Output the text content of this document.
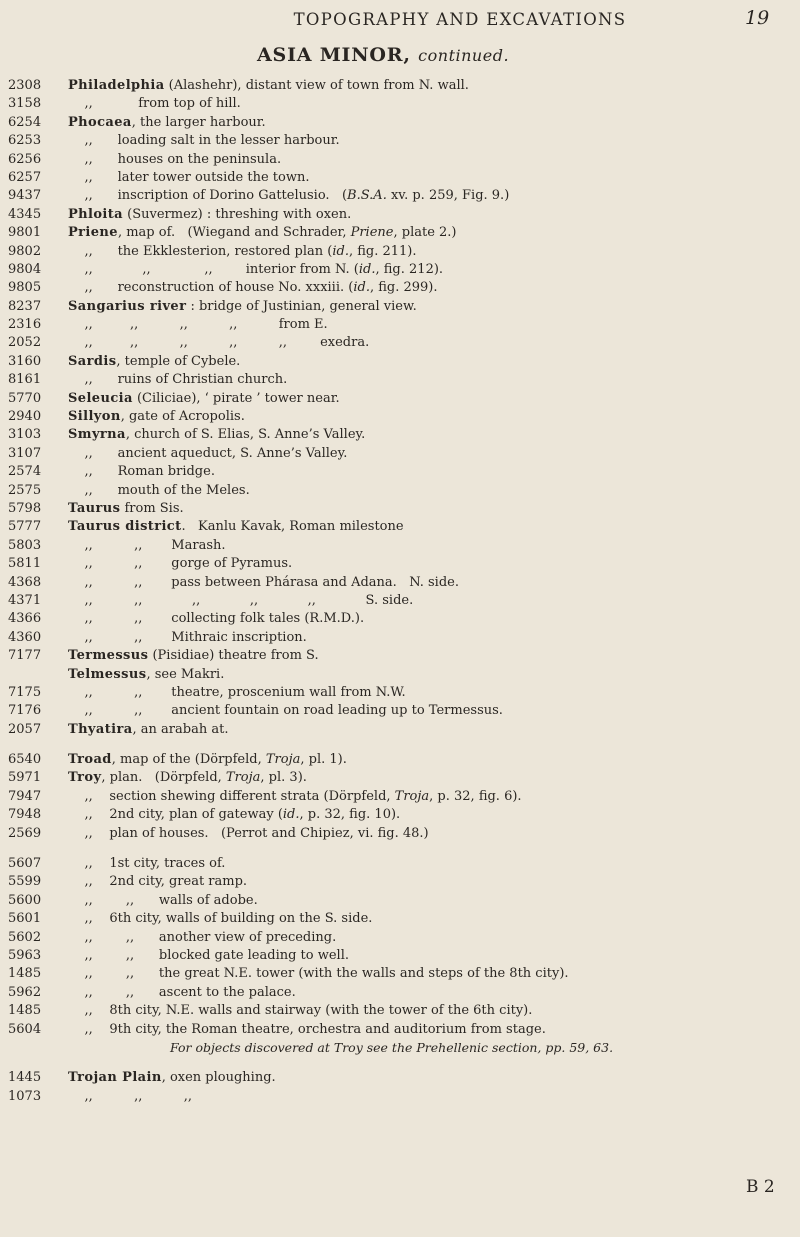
TOPOGRAPHY AND EXCAVATIONS	19
ASIA MINOR, continued.
2308	Philadelphia (Alashehr), distant view of town from N. wall.
3158	,,           from top of hill.
6254	Phocaea, the larger harbour.
6253	,,      loading salt in the lesser harbour.
6256	,,      houses on the peninsula.
6257	,,      later tower outside the town.
9437	,,      inscription of Dorino Gattelusio.   (B.S.A. xv. p. 259, Fig. 9.)
4345	Phloita (Suvermez) : threshing with oxen.
9801	Priene, map of.   (Wiegand and Schrader, Priene, plate 2.)
9802	,,      the Ekklesterion, restored plan (id., fig. 211).
9804	,,            ,,             ,,        interior from N. (id., fig. 212).
9805	,,      reconstruction of house No. xxxiii. (id., fig. 299).
8237	Sangarius river : bridge of Justinian, general view.
2316	,,         ,,          ,,          ,,          from E.
2052	,,         ,,          ,,          ,,          ,,        exedra.
3160	Sardis, temple of Cybele.
8161	,,      ruins of Christian church.
5770	Seleucia (Ciliciae), ‘ pirate ’ tower near.
2940	Sillyon, gate of Acropolis.
3103	Smyrna, church of S. Elias, S. Anne’s Valley.
3107	,,      ancient aqueduct, S. Anne’s Valley.
2574	,,      Roman bridge.
2575	,,      mouth of the Meles.
5798	Taurus from Sis.
5777	Taurus district.   Kanlu Kavak, Roman milestone
5803	,,          ,,       Marash.
5811	,,          ,,       gorge of Pyramus.
4368	,,          ,,       pass between Phárasa and Adana.   N. side.
4371	,,          ,,            ,,            ,,            ,,            S. side.
4366	,,          ,,       collecting folk tales (R.M.D.).
4360	,,          ,,       Mithraic inscription.
7177	Termessus (Pisidiae) theatre from S.
Telmessus, see Makri.
7175	,,          ,,       theatre, proscenium wall from N.W.
7176	,,          ,,       ancient fountain on road leading up to Termessus.
2057	Thyatira, an arabah at.
6540	Troad, map of the (Dörpfeld, Troja, pl. 1).
5971	Troy, plan.   (Dörpfeld, Troja, pl. 3).
7947	,,    section shewing different strata (Dörpfeld, Troja, p. 32, fig. 6).
7948	,,    2nd city, plan of gateway (id., p. 32, fig. 10).
2569	,,    plan of houses.   (Perrot and Chipiez, vi. fig. 48.)
5607	,,    1st city, traces of.
5599	,,    2nd city, great ramp.
5600	,,        ,,      walls of adobe.
5601	,,    6th city, walls of building on the S. side.
5602	,,        ,,      another view of preceding.
5963	,,        ,,      blocked gate leading to well.
1485	,,        ,,      the great N.E. tower (with the walls and steps of the 8th city).
5962	,,        ,,      ascent to the palace.
1485	,,    8th city, N.E. walls and stairway (with the tower of the 6th city).
5604	,,    9th city, the Roman theatre, orchestra and auditorium from stage.
For objects discovered at Troy see the Prehellenic section, pp. 59, 63.
1445	Trojan Plain, oxen ploughing.
1073	,,          ,,          ,,
B 2
